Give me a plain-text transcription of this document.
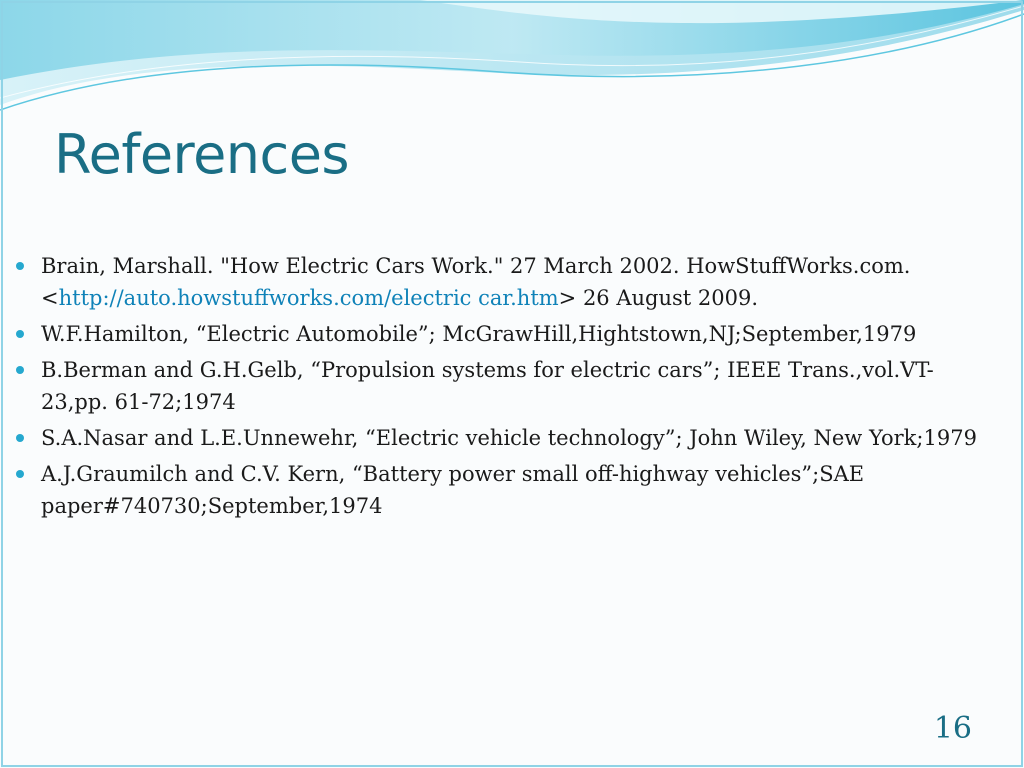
References
Brain, Marshall. "How Electric Cars Work." 27 March 2002. HowStuffWorks.com. <http://auto.howstuffworks.com/electric car.htm> 26 August 2009.
W.F.Hamilton, “Electric Automobile”; McGrawHill,Hightstown,NJ;September,1979
B.Berman and G.H.Gelb, “Propulsion systems for electric cars”; IEEE Trans.,vol.VT-23,pp. 61-72;1974
S.A.Nasar and L.E.Unnewehr, “Electric vehicle technology”; John Wiley, New York;1979
A.J.Graumilch and C.V. Kern, “Battery power small off-highway vehicles”;SAE paper#740730;September,1974
16
